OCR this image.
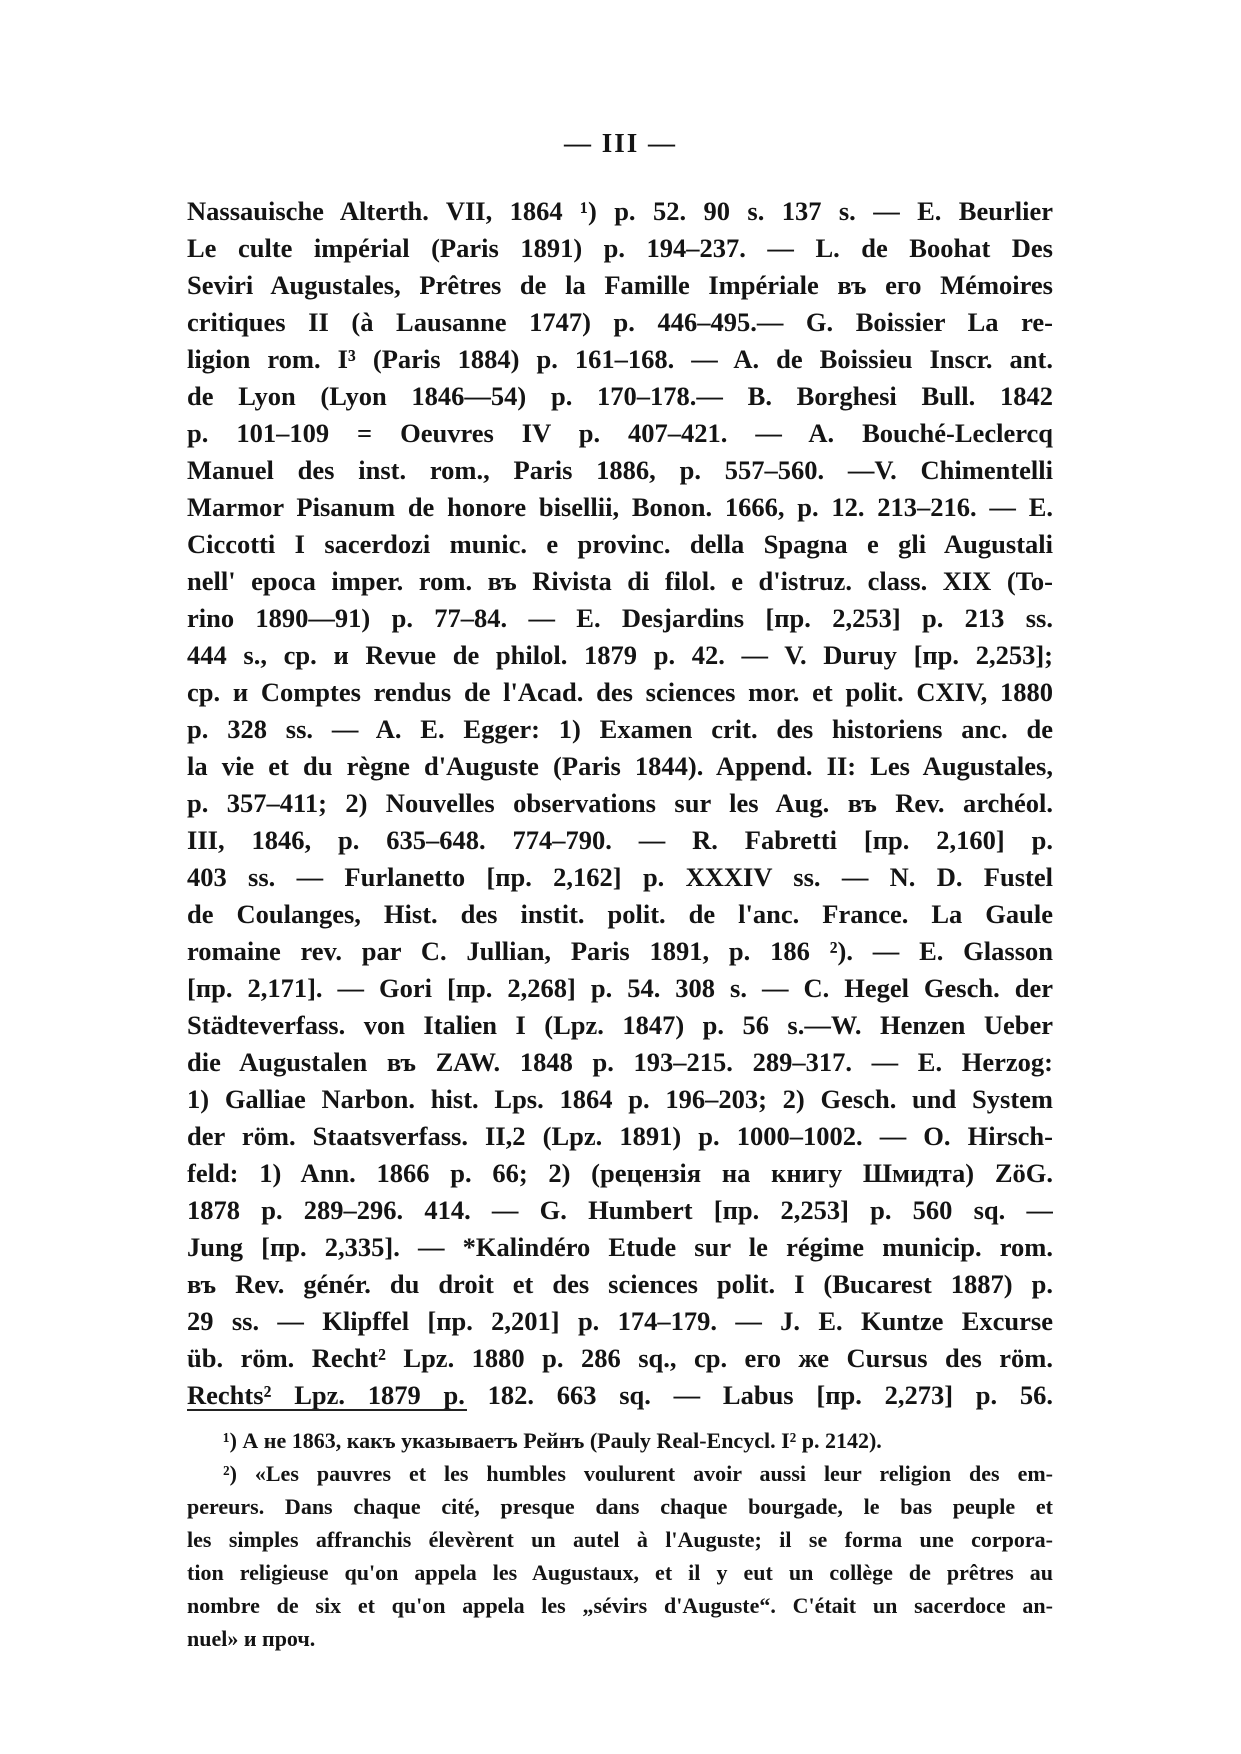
— III —
Nassauische Alterth. VII, 1864 ¹) p. 52. 90 s. 137 s. — E. Beurlier
Le culte impérial (Paris 1891) p. 194–237. — L. de Boohat Des
Seviri Augustales, Prêtres de la Famille Impériale въ его Mémoires
critiques II (à Lausanne 1747) p. 446–495.— G. Boissier La re-
ligion rom. I³ (Paris 1884) p. 161–168. — A. de Boissieu Inscr. ant.
de Lyon (Lyon 1846—54) p. 170–178.— B. Borghesi Bull. 1842
p. 101–109 = Oeuvres IV p. 407–421. — A. Bouché-Leclercq
Manuel des inst. rom., Paris 1886, p. 557–560. —V. Chimentelli
Marmor Pisanum de honore bisellii, Bonon. 1666, p. 12. 213–216. — E.
Ciccotti I sacerdozi munic. e provinc. della Spagna e gli Augustali
nell' epoca imper. rom. въ Rivista di filol. e d'istruz. class. XIX (To-
rino 1890—91) p. 77–84. — E. Desjardins [пр. 2,253] p. 213 ss.
444 s., ср. и Revue de philol. 1879 p. 42. — V. Duruy [пр. 2,253];
ср. и Comptes rendus de l'Acad. des sciences mor. et polit. CXIV, 1880
p. 328 ss. — A. E. Egger: 1) Examen crit. des historiens anc. de
la vie et du règne d'Auguste (Paris 1844). Append. II: Les Augustales,
p. 357–411; 2) Nouvelles observations sur les Aug. въ Rev. archéol.
III, 1846, p. 635–648. 774–790. — R. Fabretti [пр. 2,160] p.
403 ss. — Furlanetto [пр. 2,162] p. XXXIV ss. — N. D. Fustel
de Coulanges, Hist. des instit. polit. de l'anc. France. La Gaule
romaine rev. par C. Jullian, Paris 1891, p. 186 ²). — E. Glasson
[пр. 2,171]. — Gori [пр. 2,268] p. 54. 308 s. — C. Hegel Gesch. der
Städteverfass. von Italien I (Lpz. 1847) p. 56 s.—W. Henzen Ueber
die Augustalen въ ZAW. 1848 p. 193–215. 289–317. — E. Herzog:
1) Galliae Narbon. hist. Lps. 1864 p. 196–203; 2) Gesch. und System
der röm. Staatsverfass. II,2 (Lpz. 1891) p. 1000–1002. — O. Hirsch-
feld: 1) Ann. 1866 p. 66; 2) (рецензія на книгу Шмидта) ZöG.
1878 p. 289–296. 414. — G. Humbert [пр. 2,253] p. 560 sq. —
Jung [пр. 2,335]. — *Kalindéro Etude sur le régime municip. rom.
въ Rev. génér. du droit et des sciences polit. I (Bucarest 1887) p.
29 ss. — Klipffel [пр. 2,201] p. 174–179. — J. E. Kuntze Excurse
üb. röm. Recht² Lpz. 1880 p. 286 sq., ср. его же Cursus des röm.
Rechts² Lpz. 1879 p. 182. 663 sq. — Labus [пр. 2,273] p. 56.
¹) А не 1863, какъ указываетъ Рейнъ (Pauly Real-Encycl. I² p. 2142).
²) «Les pauvres et les humbles voulurent avoir aussi leur religion des em-
pereurs. Dans chaque cité, presque dans chaque bourgade, le bas peuple et
les simples affranchis élevèrent un autel à l'Auguste; il se forma une corpora-
tion religieuse qu'on appela les Augustaux, et il y eut un collège de prêtres au
nombre de six et qu'on appela les „sévirs d'Auguste“. C'était un sacerdoce an-
nuel» и проч.
